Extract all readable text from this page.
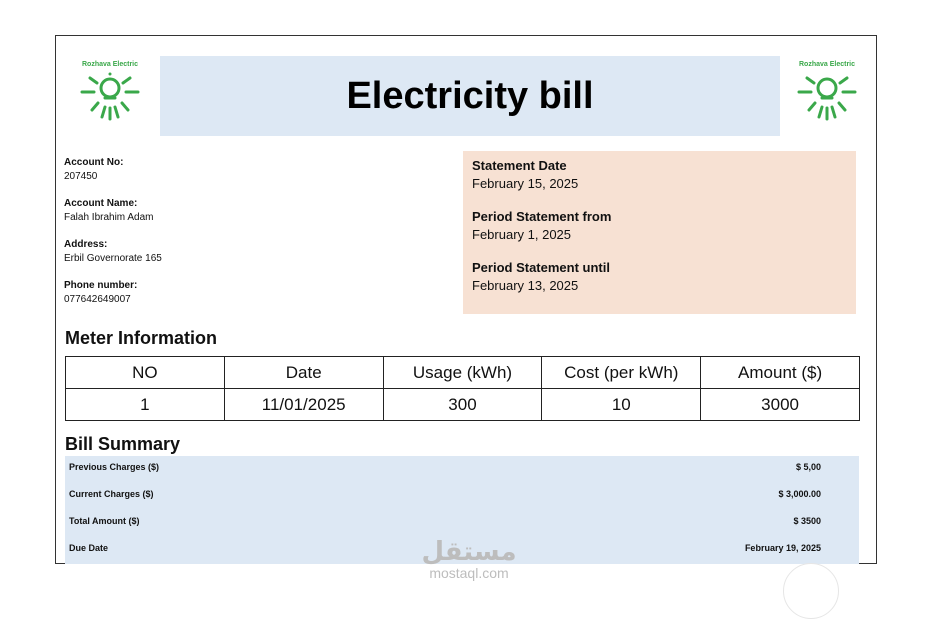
Rozhava Electric
Electricity bill
Rozhava Electric
Account No:
207450
Account Name:
Falah Ibrahim Adam
Address:
Erbil Governorate 165
Phone number:
077642649007
Statement Date
February 15, 2025
Period Statement from
February 1, 2025
Period Statement until
February 13, 2025
Meter Information
NO	Date	Usage (kWh)	Cost (per kWh)	Amount ($)
1	11/01/2025	300	10	3000
Bill Summary
Previous Charges ($)	$ 5,00
Current Charges ($)	$ 3,000.00
Total Amount ($)	$ 3500
Due Date	February 19, 2025
مستقل
mostaql.com
